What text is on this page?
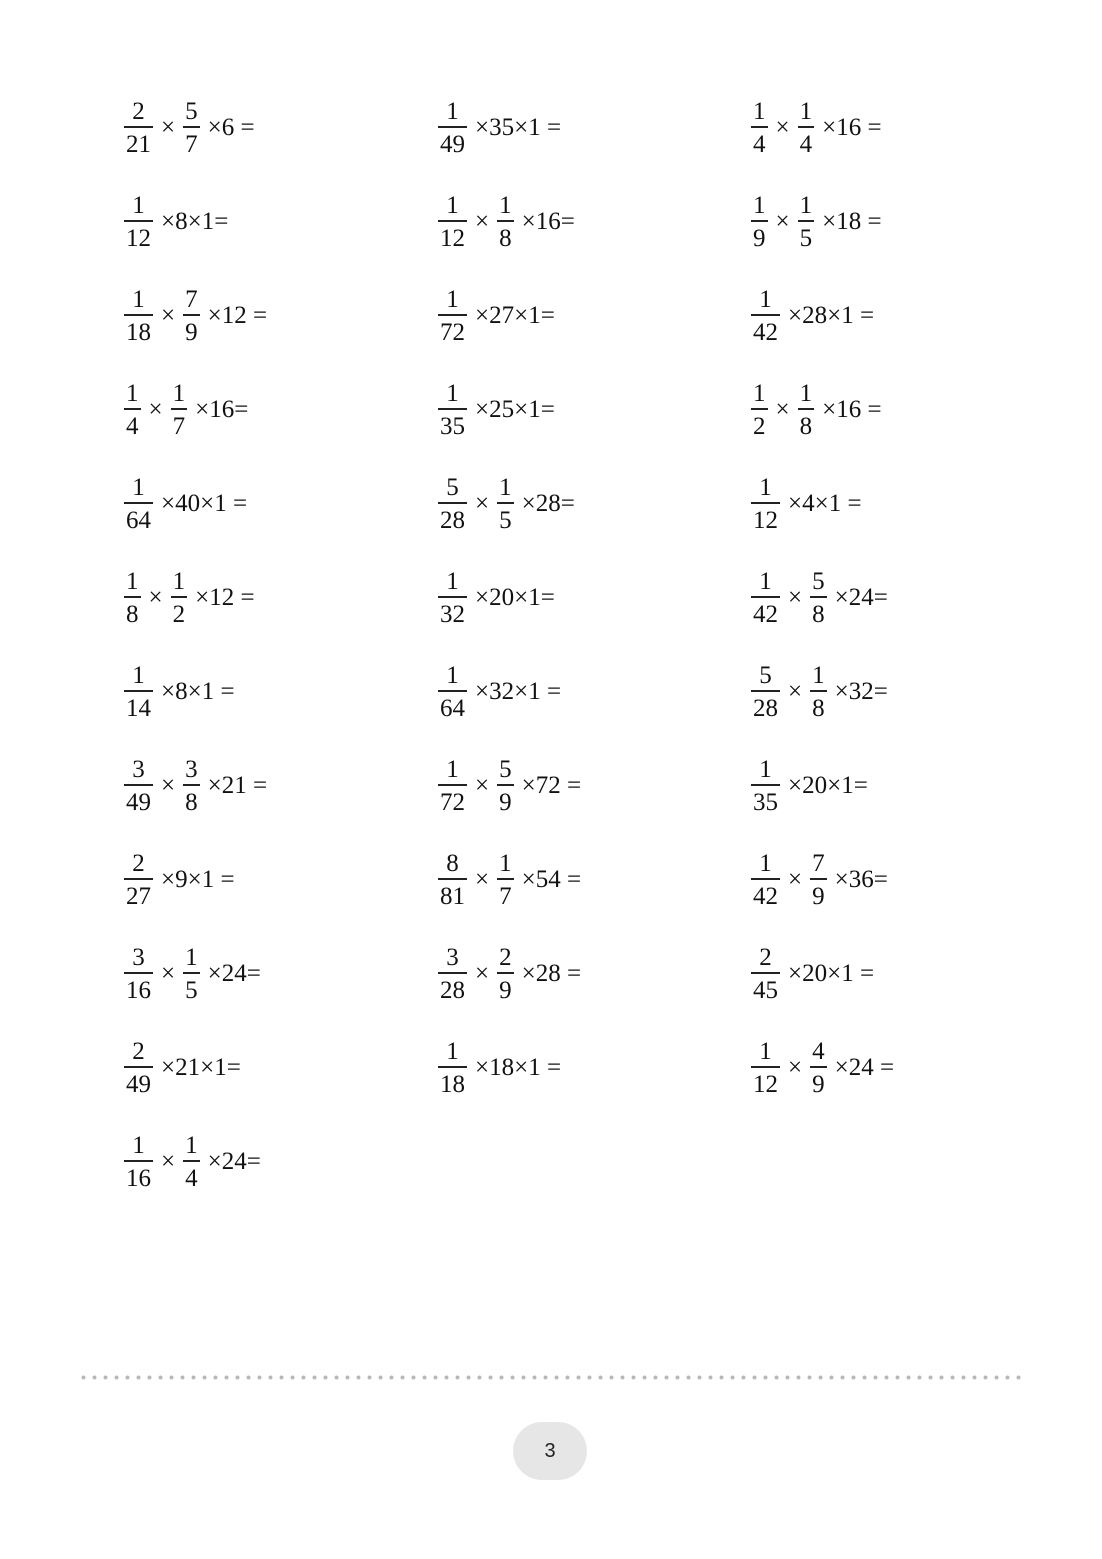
$\frac{2}{21} \times \frac{5}{7} \times 6$ =	$\frac{1}{49} \times 35\times 1$ =	$\frac{1}{4} \times \frac{1}{4} \times 16$ =
$\frac{1}{12} \times 8\times 1=$	$\frac{1}{12} \times \frac{1}{8} \times 16=$	$\frac{1}{9} \times \frac{1}{5} \times 18$ =
$\frac{1}{18} \times \frac{7}{9} \times 12$ =	$\frac{1}{72} \times 27\times 1=$	$\frac{1}{42} \times 28\times 1$ =
$\frac{1}{4} \times \frac{1}{7} \times 16=$	$\frac{1}{35} \times 25\times 1=$	$\frac{1}{2} \times \frac{1}{8} \times 16$ =
$\frac{1}{64} \times 40\times 1$ =	$\frac{5}{28} \times \frac{1}{5} \times 28=$	$\frac{1}{12} \times 4\times 1$ =
$\frac{1}{8} \times \frac{1}{2} \times 12$ =	$\frac{1}{32} \times 20\times 1=$	$\frac{1}{42} \times \frac{5}{8} \times 24=$
$\frac{1}{14} \times 8\times 1$ =	$\frac{1}{64} \times 32\times 1$ =	$\frac{5}{28} \times \frac{1}{8} \times 32=$
$\frac{3}{49} \times \frac{3}{8} \times 21$ =	$\frac{1}{72} \times \frac{5}{9} \times 72$ =	$\frac{1}{35} \times 20\times 1=$
$\frac{2}{27} \times 9\times 1$ =	$\frac{8}{81} \times \frac{1}{7} \times 54$ =	$\frac{1}{42} \times \frac{7}{9} \times 36=$
$\frac{3}{16} \times \frac{1}{5} \times 24=$	$\frac{3}{28} \times \frac{2}{9} \times 28$ =	$\frac{2}{45} \times 20\times 1$ =
$\frac{2}{49} \times 21\times 1=$	$\frac{1}{18} \times 18\times 1$ =	$\frac{1}{12} \times \frac{4}{9} \times 24$ =
$\frac{1}{16} \times \frac{1}{4} \times 24=$
3
